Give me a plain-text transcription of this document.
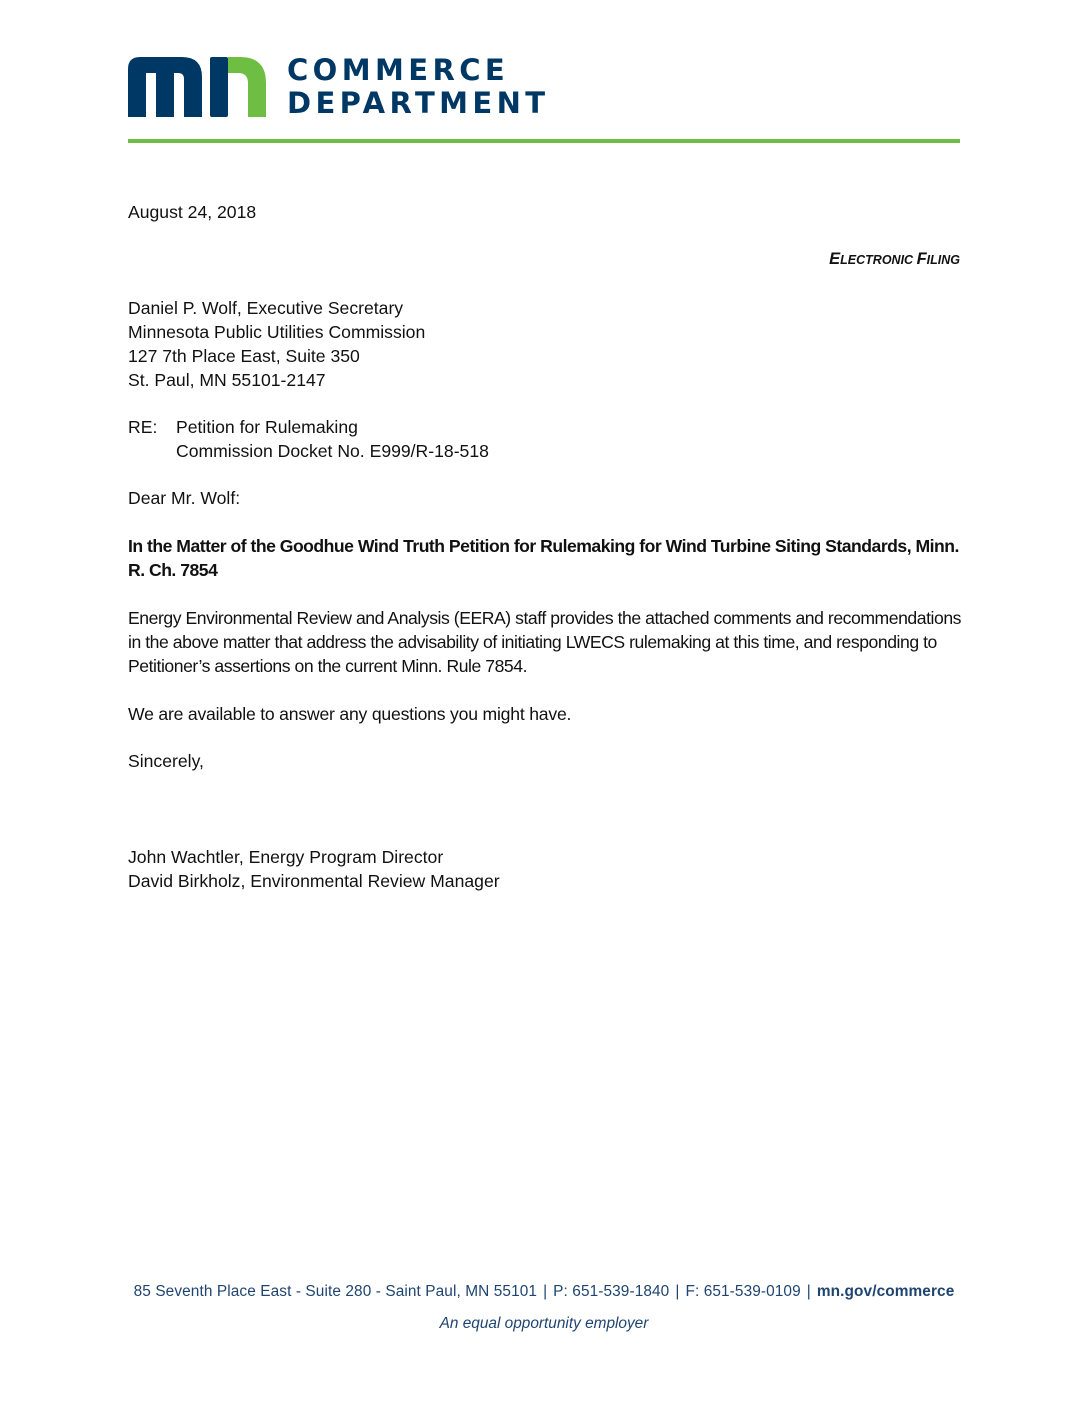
COMMERCE
DEPARTMENT
August 24, 2018
ELECTRONIC FILING
Daniel P. Wolf, Executive Secretary
Minnesota Public Utilities Commission
127 7th Place East, Suite 350
St. Paul, MN 55101-2147
RE: Petition for Rulemaking
Commission Docket No. E999/R-18-518
Dear Mr. Wolf:
In the Matter of the Goodhue Wind Truth Petition for Rulemaking for Wind Turbine Siting Standards, Minn. R. Ch. 7854
Energy Environmental Review and Analysis (EERA) staff provides the attached comments and recommendations in the above matter that address the advisability of initiating LWECS rulemaking at this time, and responding to Petitioner’s assertions on the current Minn. Rule 7854.
We are available to answer any questions you might have.
Sincerely,
John Wachtler, Energy Program Director
David Birkholz, Environmental Review Manager
85 Seventh Place East - Suite 280 - Saint Paul, MN 55101 | P: 651-539-1840 | F: 651-539-0109 | mn.gov/commerce
An equal opportunity employer
